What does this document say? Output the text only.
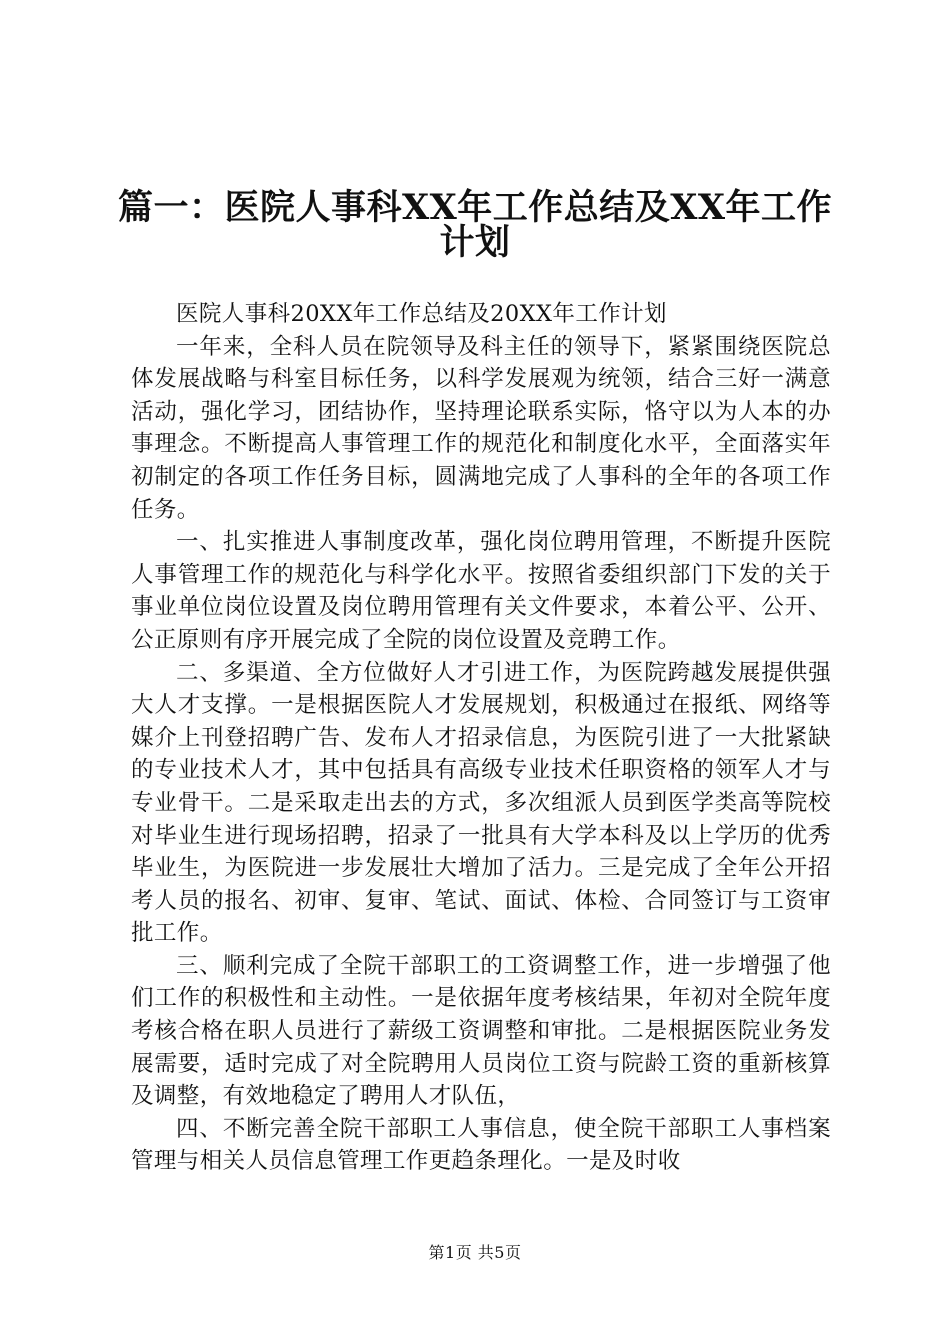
篇一：医院人事科XX年工作总结及XX年工作
计划

医院人事科20XX年工作总结及20XX年工作计划

一年来，全科人员在院领导及科主任的领导下，紧紧围绕医院总体发展战略与科室目标任务，以科学发展观为统领，结合三好一满意活动，强化学习，团结协作，坚持理论联系实际，恪守以为人本的办事理念。不断提高人事管理工作的规范化和制度化水平，全面落实年初制定的各项工作任务目标，圆满地完成了人事科的全年的各项工作任务。

一、扎实推进人事制度改革，强化岗位聘用管理，不断提升医院人事管理工作的规范化与科学化水平。按照省委组织部门下发的关于事业单位岗位设置及岗位聘用管理有关文件要求，本着公平、公开、公正原则有序开展完成了全院的岗位设置及竞聘工作。

二、多渠道、全方位做好人才引进工作，为医院跨越发展提供强大人才支撑。一是根据医院人才发展规划，积极通过在报纸、网络等媒介上刊登招聘广告、发布人才招录信息，为医院引进了一大批紧缺的专业技术人才，其中包括具有高级专业技术任职资格的领军人才与专业骨干。二是采取走出去的方式，多次组派人员到医学类高等院校对毕业生进行现场招聘，招录了一批具有大学本科及以上学历的优秀毕业生，为医院进一步发展壮大增加了活力。三是完成了全年公开招考人员的报名、初审、复审、笔试、面试、体检、合同签订与工资审批工作。

三、顺利完成了全院干部职工的工资调整工作，进一步增强了他们工作的积极性和主动性。一是依据年度考核结果，年初对全院年度考核合格在职人员进行了薪级工资调整和审批。二是根据医院业务发展需要，适时完成了对全院聘用人员岗位工资与院龄工资的重新核算及调整，有效地稳定了聘用人才队伍，

四、不断完善全院干部职工人事信息，使全院干部职工人事档案管理与相关人员信息管理工作更趋条理化。一是及时收

第1页 共5页
